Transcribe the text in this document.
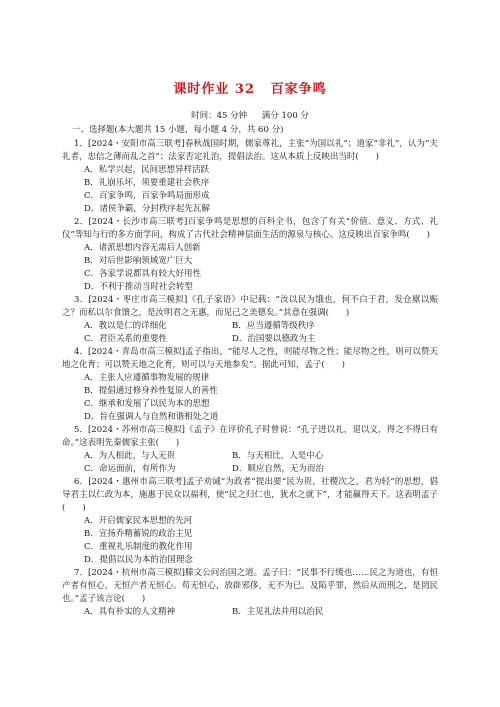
课时作业 32 百家争鸣
时间：45 分钟 满分 100 分
一、选择题(本大题共 15 小题，每小题 4 分，共 60 分)

1．[2024・安阳市高三联考]春秋战国时期，儒家尊礼，主张“为国以礼”；道家“非礼”，认为“夫礼者，忠信之薄而乱之首”；法家否定礼治，提倡法治。这从本质上反映出当时(　　)

A．私学兴起，民间思想异样活跃
B．礼崩乐坏，须要重建社会秩序
C．百家争鸣，百家争鸣局面形成
D．诸侯争霸，分封秩序起先瓦解

2．[2024・长沙市高三联考]百家争鸣是思想的百科全书，包含了有关“价值、意义、方式、礼仪”等知与行的多方面学问，构成了古代社会精神层面生活的源泉与核心。这反映出百家争鸣(　　)

A．诸派思想内容无需后人创新
B．对后世影响领域宽广巨大
C．各家学说都具有较大好用性
D．不利于推动当时社会转型

3．[2024・枣庄市高三模拟]《孔子家语》中记载：“汝以民为饿也，何不白于君，发仓廪以赈之？而私以尔食馈之，是汝明君之无惠，而见己之美德矣。”其意在强调(　　)

A．教以是仁的详细化	B．应当遵循等级秩序
C．君臣关系的重要性	D．治国要以德政为主

4．[2024・青岛市高三模拟]孟子指出，“能尽人之性，则能尽物之性；能尽物之性，则可以赞天地之化育；可以赞天地之化育，则可以与天地参矣”。据此可知，孟子(　　)

A．主张人应遵循事物发展的规律
B．提倡通过修身养性复原人的善性
C．继承和发展了以民为本的思想
D．旨在强调人与自然和谐相处之道

5．[2024・苏州市高三模拟]《孟子》在评价孔子时曾说：“孔子进以礼，退以义，得之不得曰有命。”这表明先秦儒家主张(　　)

A．为人相此，与人无贵	B．与天相比，人是中心
C．命运面前，有所作为	D．顺应自然，无为而治

6．[2024・惠州市高三联考]孟子劝诫“为政者”提出要“民为贵，社稷次之，君为轻”的思想，倡导君主以仁政为本，施惠于民众以福利，使“民之归仁也，犹水之就下”，才能赢得天下。这表明孟子(　　)

A．开启儒家民本思想的先河
B．宣扬乔精蓄锐的政治主见
C．重视礼乐制度的教化作用
D．提倡以民为本的治国理念

7．[2024・杭州市高三模拟]滕文公问治国之道。孟子曰：“民事不行缓也……民之为道也，有恒产者有恒心，无恒产者无恒心。苟无恒心，放辟邪侈，无不为已。及陷乎罪，然后从而刑之，是罔民也。”孟子该言论(　　)

A．具有朴实的人文精神	B．主见礼法并用以治民
